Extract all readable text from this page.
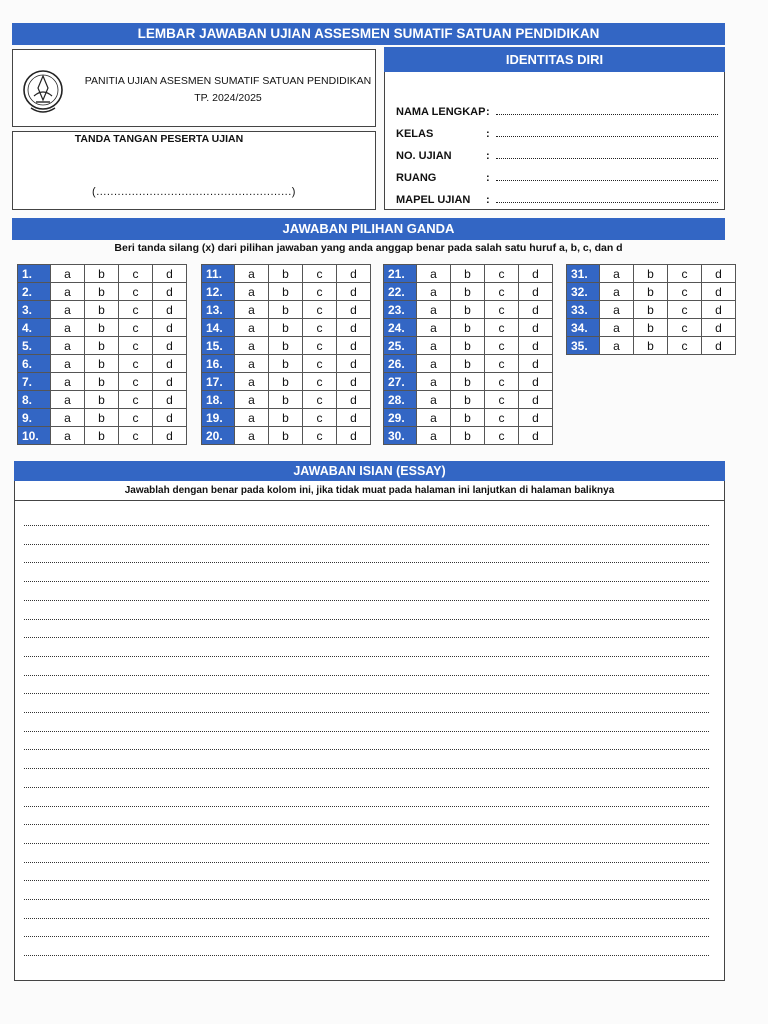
LEMBAR JAWABAN UJIAN ASSESMEN SUMATIF SATUAN PENDIDIKAN
PANITIA UJIAN ASESMEN SUMATIF SATUAN PENDIDIKAN
TP. 2024/2025
TANDA TANGAN PESERTA UJIAN
(.......................................................)
IDENTITAS DIRI
NAMA LENGKAP :
KELAS	:
NO. UJIAN	:
RUANG	:
MAPEL UJIAN	:
JAWABAN PILIHAN GANDA
Beri tanda silang (x) dari pilihan jawaban yang anda anggap benar pada salah satu huruf a, b, c, dan d
1.	a	b	c	d
2.	a	b	c	d
3.	a	b	c	d
4.	a	b	c	d
5.	a	b	c	d
6.	a	b	c	d
7.	a	b	c	d
8.	a	b	c	d
9.	a	b	c	d
10.	a	b	c	d
11.	a	b	c	d
12.	a	b	c	d
13.	a	b	c	d
14.	a	b	c	d
15.	a	b	c	d
16.	a	b	c	d
17.	a	b	c	d
18.	a	b	c	d
19.	a	b	c	d
20.	a	b	c	d
21.	a	b	c	d
22.	a	b	c	d
23.	a	b	c	d
24.	a	b	c	d
25.	a	b	c	d
26.	a	b	c	d
27.	a	b	c	d
28.	a	b	c	d
29.	a	b	c	d
30.	a	b	c	d
31.	a	b	c	d
32.	a	b	c	d
33.	a	b	c	d
34.	a	b	c	d
35.	a	b	c	d
JAWABAN ISIAN (ESSAY)
Jawablah dengan benar pada kolom ini, jika tidak muat pada halaman ini lanjutkan di halaman baliknya
